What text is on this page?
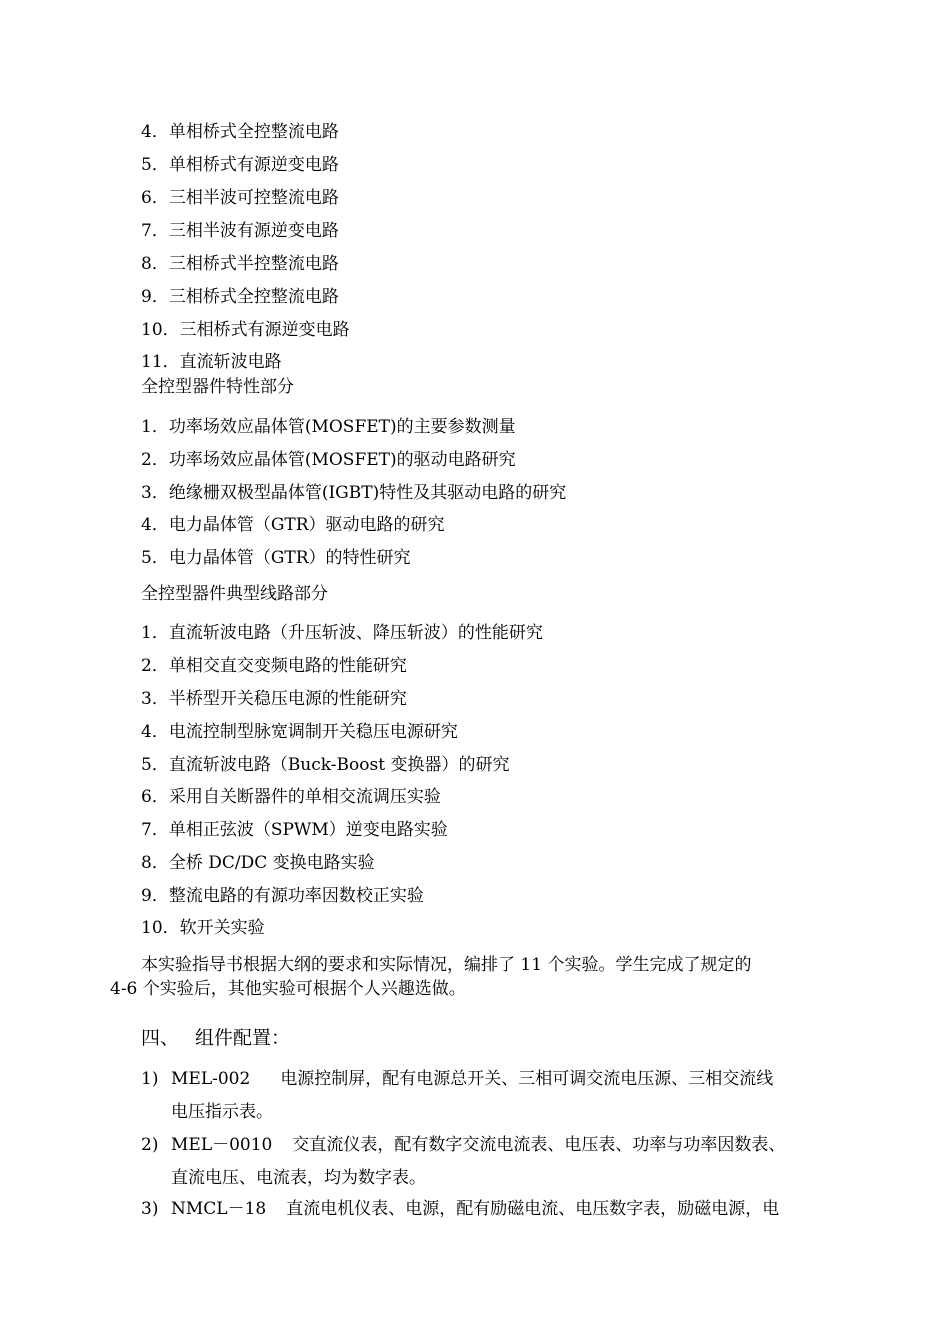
4．单相桥式全控整流电路
5．单相桥式有源逆变电路
6．三相半波可控整流电路
7．三相半波有源逆变电路
8．三相桥式半控整流电路
9．三相桥式全控整流电路
10．三相桥式有源逆变电路
11．直流斩波电路
全控型器件特性部分
1．功率场效应晶体管(MOSFET)的主要参数测量
2．功率场效应晶体管(MOSFET)的驱动电路研究
3．绝缘栅双极型晶体管(IGBT)特性及其驱动电路的研究
4．电力晶体管（GTR）驱动电路的研究
5．电力晶体管（GTR）的特性研究
全控型器件典型线路部分
1．直流斩波电路（升压斩波、降压斩波）的性能研究
2．单相交直交变频电路的性能研究
3．半桥型开关稳压电源的性能研究
4．电流控制型脉宽调制开关稳压电源研究
5．直流斩波电路（Buck-Boost 变换器）的研究
6．采用自关断器件的单相交流调压实验
7．单相正弦波（SPWM）逆变电路实验
8．全桥 DC/DC 变换电路实验
9．整流电路的有源功率因数校正实验
10．软开关实验
本实验指导书根据大纲的要求和实际情况，编排了 11 个实验。学生完成了规定的
4-6 个实验后，其他实验可根据个人兴趣选做。
四、 组件配置：
1) MEL-002 电源控制屏，配有电源总开关、三相可调交流电压源、三相交流线
电压指示表。
2) MEL－0010 交直流仪表，配有数字交流电流表、电压表、功率与功率因数表、
直流电压、电流表，均为数字表。
3) NMCL－18 直流电机仪表、电源，配有励磁电流、电压数字表，励磁电源，电
